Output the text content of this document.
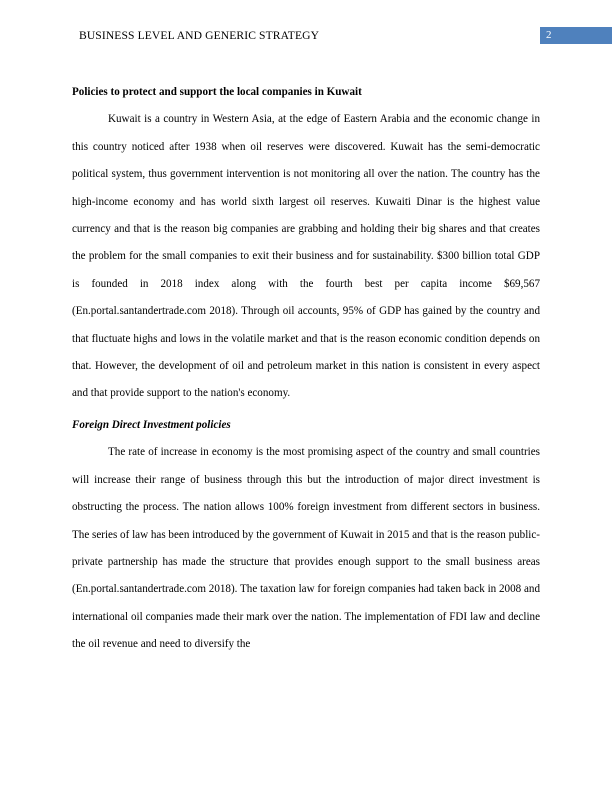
BUSINESS LEVEL AND GENERIC STRATEGY	2
Policies to protect and support the local companies in Kuwait

Kuwait is a country in Western Asia, at the edge of Eastern Arabia and the economic change in this country noticed after 1938 when oil reserves were discovered. Kuwait has the semi-democratic political system, thus government intervention is not monitoring all over the nation. The country has the high-income economy and has world sixth largest oil reserves. Kuwaiti Dinar is the highest value currency and that is the reason big companies are grabbing and holding their big shares and that creates the problem for the small companies to exit their business and for sustainability. $300 billion total GDP is founded in 2018 index along with the fourth best per capita income $69,567 (En.portal.santandertrade.com 2018). Through oil accounts, 95% of GDP has gained by the country and that fluctuate highs and lows in the volatile market and that is the reason economic condition depends on that. However, the development of oil and petroleum market in this nation is consistent in every aspect and that provide support to the nation's economy.

Foreign Direct Investment policies

The rate of increase in economy is the most promising aspect of the country and small countries will increase their range of business through this but the introduction of major direct investment is obstructing the process. The nation allows 100% foreign investment from different sectors in business. The series of law has been introduced by the government of Kuwait in 2015 and that is the reason public-private partnership has made the structure that provides enough support to the small business areas (En.portal.santandertrade.com 2018). The taxation law for foreign companies had taken back in 2008 and international oil companies made their mark over the nation. The implementation of FDI law and decline the oil revenue and need to diversify the
